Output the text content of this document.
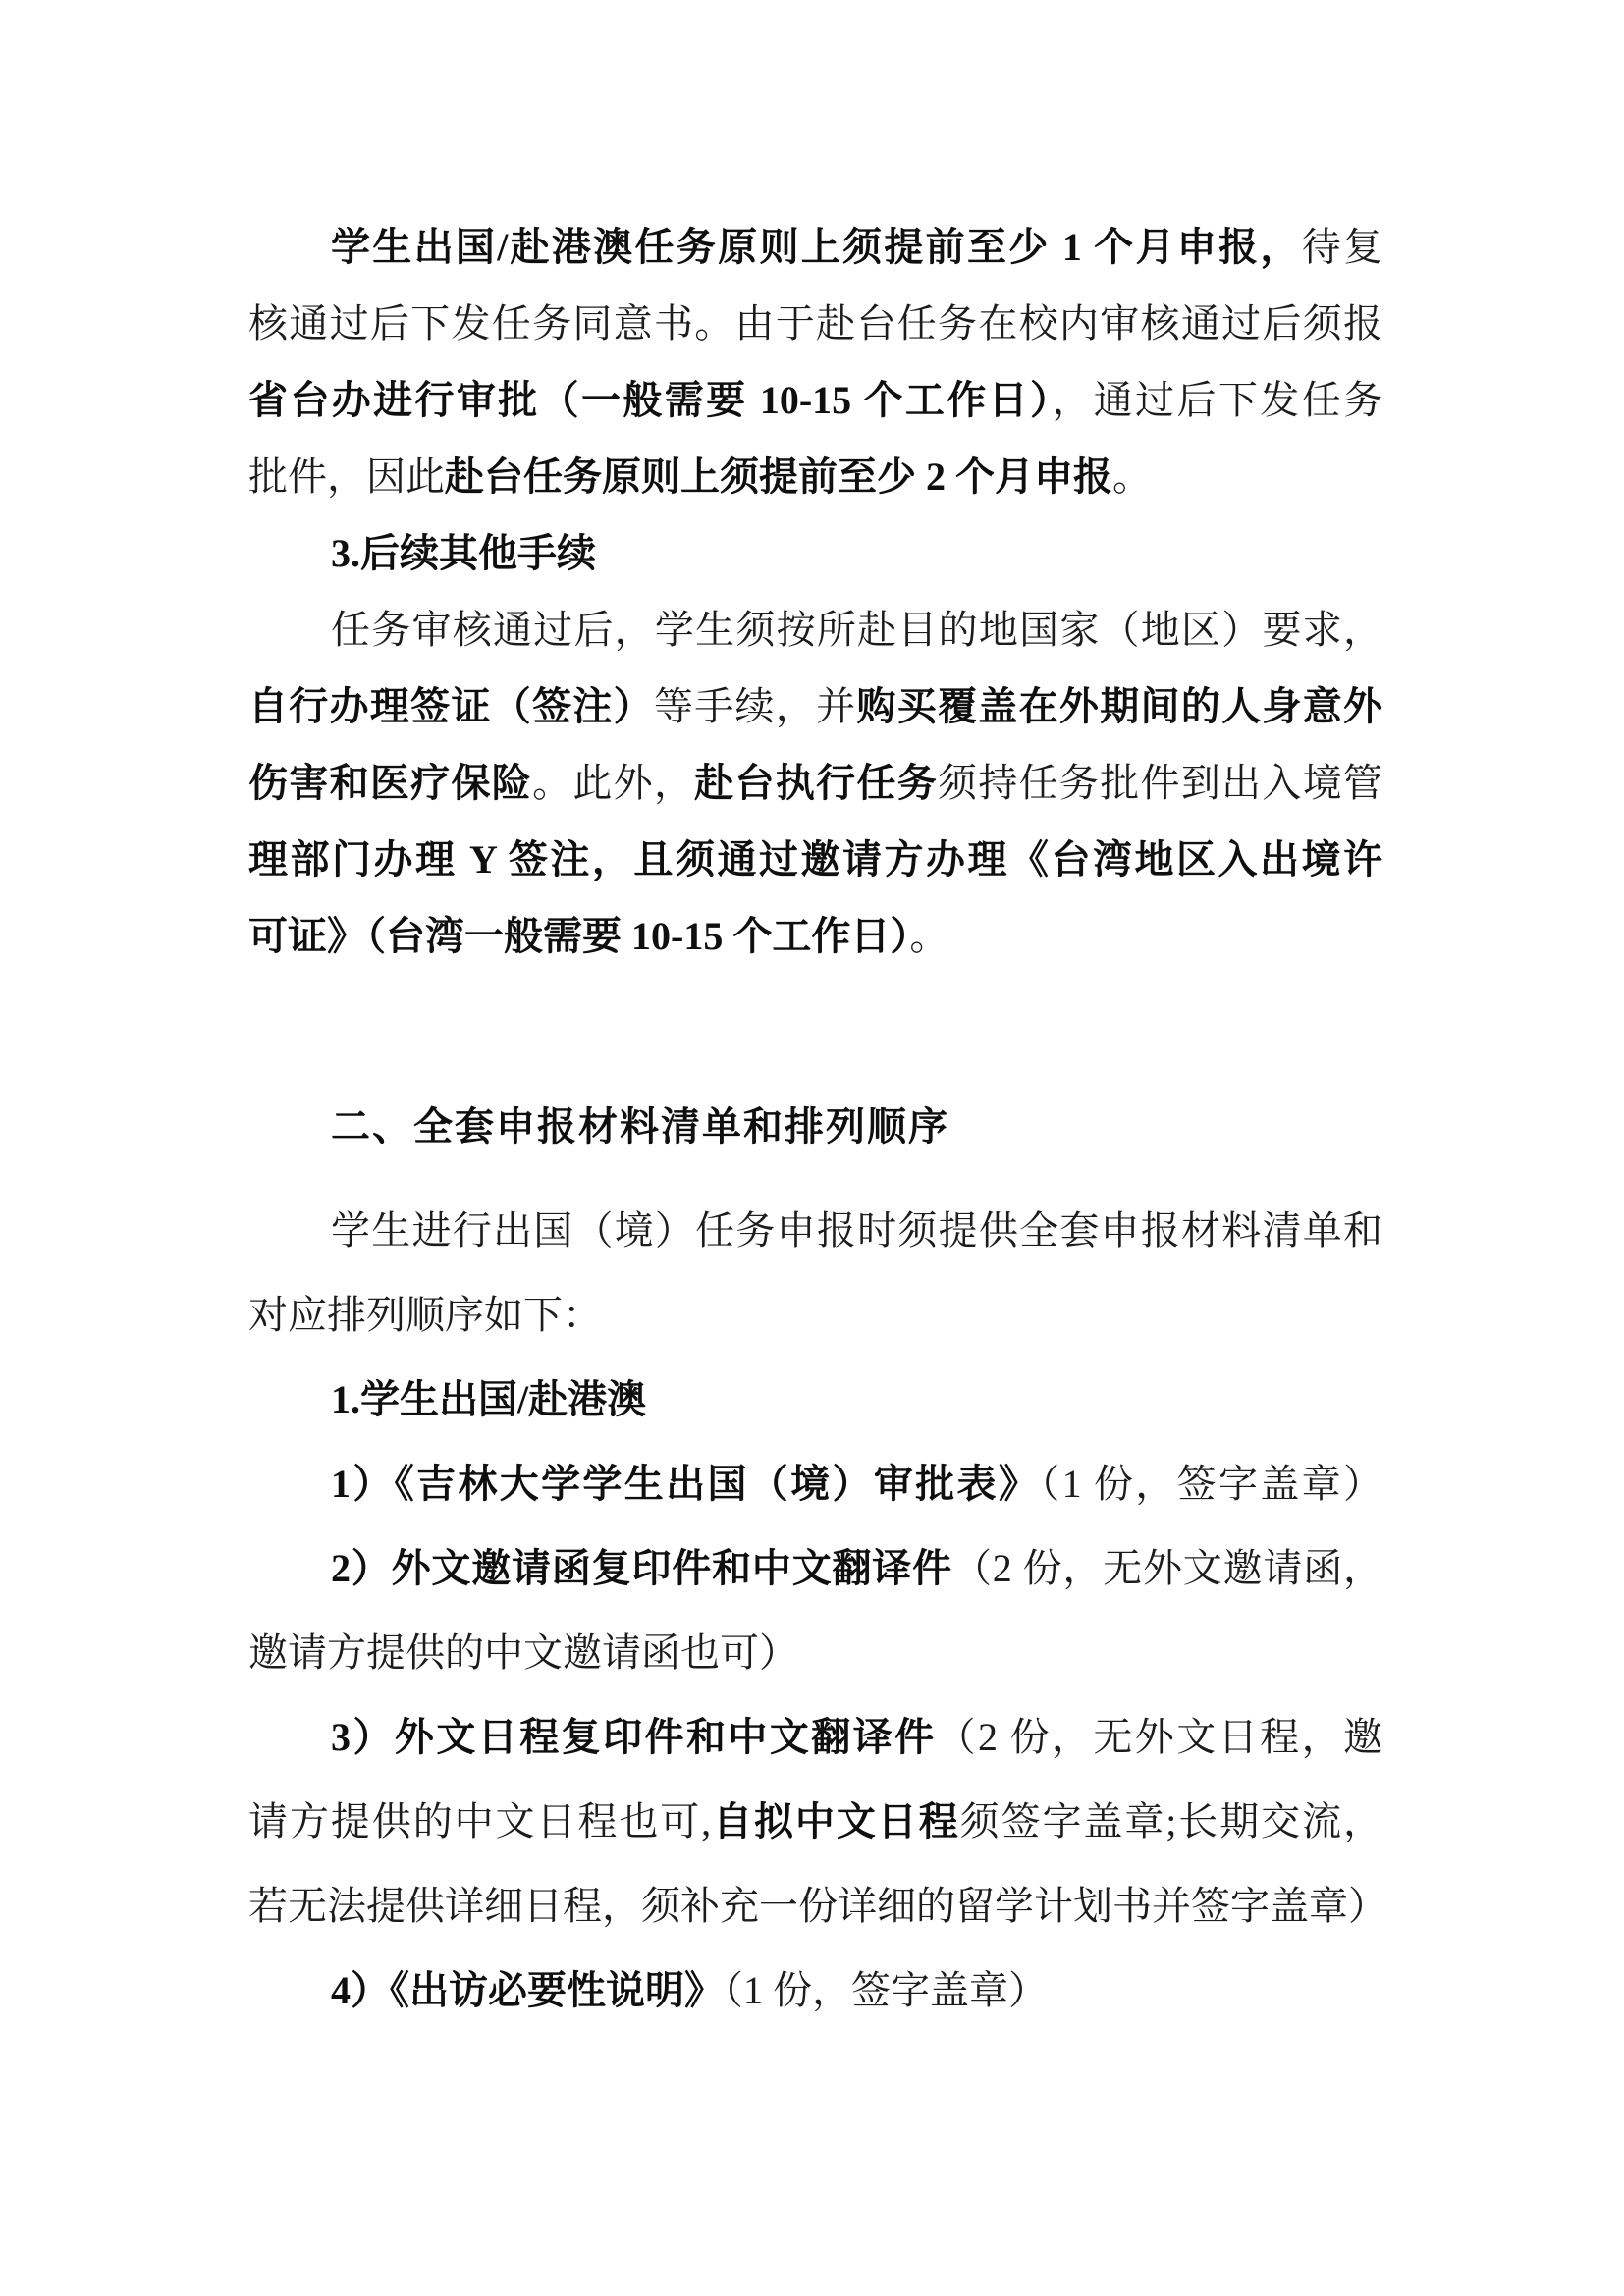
学生出国/赴港澳任务原则上须提前至少 1 个月申报，待复
核通过后下发任务同意书。由于赴台任务在校内审核通过后须报
省台办进行审批（一般需要 10-15 个工作日），通过后下发任务
批件，因此赴台任务原则上须提前至少 2 个月申报。
3.后续其他手续
任务审核通过后，学生须按所赴目的地国家（地区）要求，
自行办理签证（签注）等手续，并购买覆盖在外期间的人身意外
伤害和医疗保险。此外，赴台执行任务须持任务批件到出入境管
理部门办理 Y 签注，且须通过邀请方办理《台湾地区入出境许
可证》（台湾一般需要 10-15 个工作日）。
二、全套申报材料清单和排列顺序
学生进行出国（境）任务申报时须提供全套申报材料清单和
对应排列顺序如下：
1.学生出国/赴港澳
1）《吉林大学学生出国（境）审批表》（1 份，签字盖章）
2）外文邀请函复印件和中文翻译件（2 份，无外文邀请函，
邀请方提供的中文邀请函也可）
3）外文日程复印件和中文翻译件（2 份，无外文日程，邀
请方提供的中文日程也可,自拟中文日程须签字盖章;长期交流，
若无法提供详细日程，须补充一份详细的留学计划书并签字盖章）
4）《出访必要性说明》（1 份，签字盖章）
